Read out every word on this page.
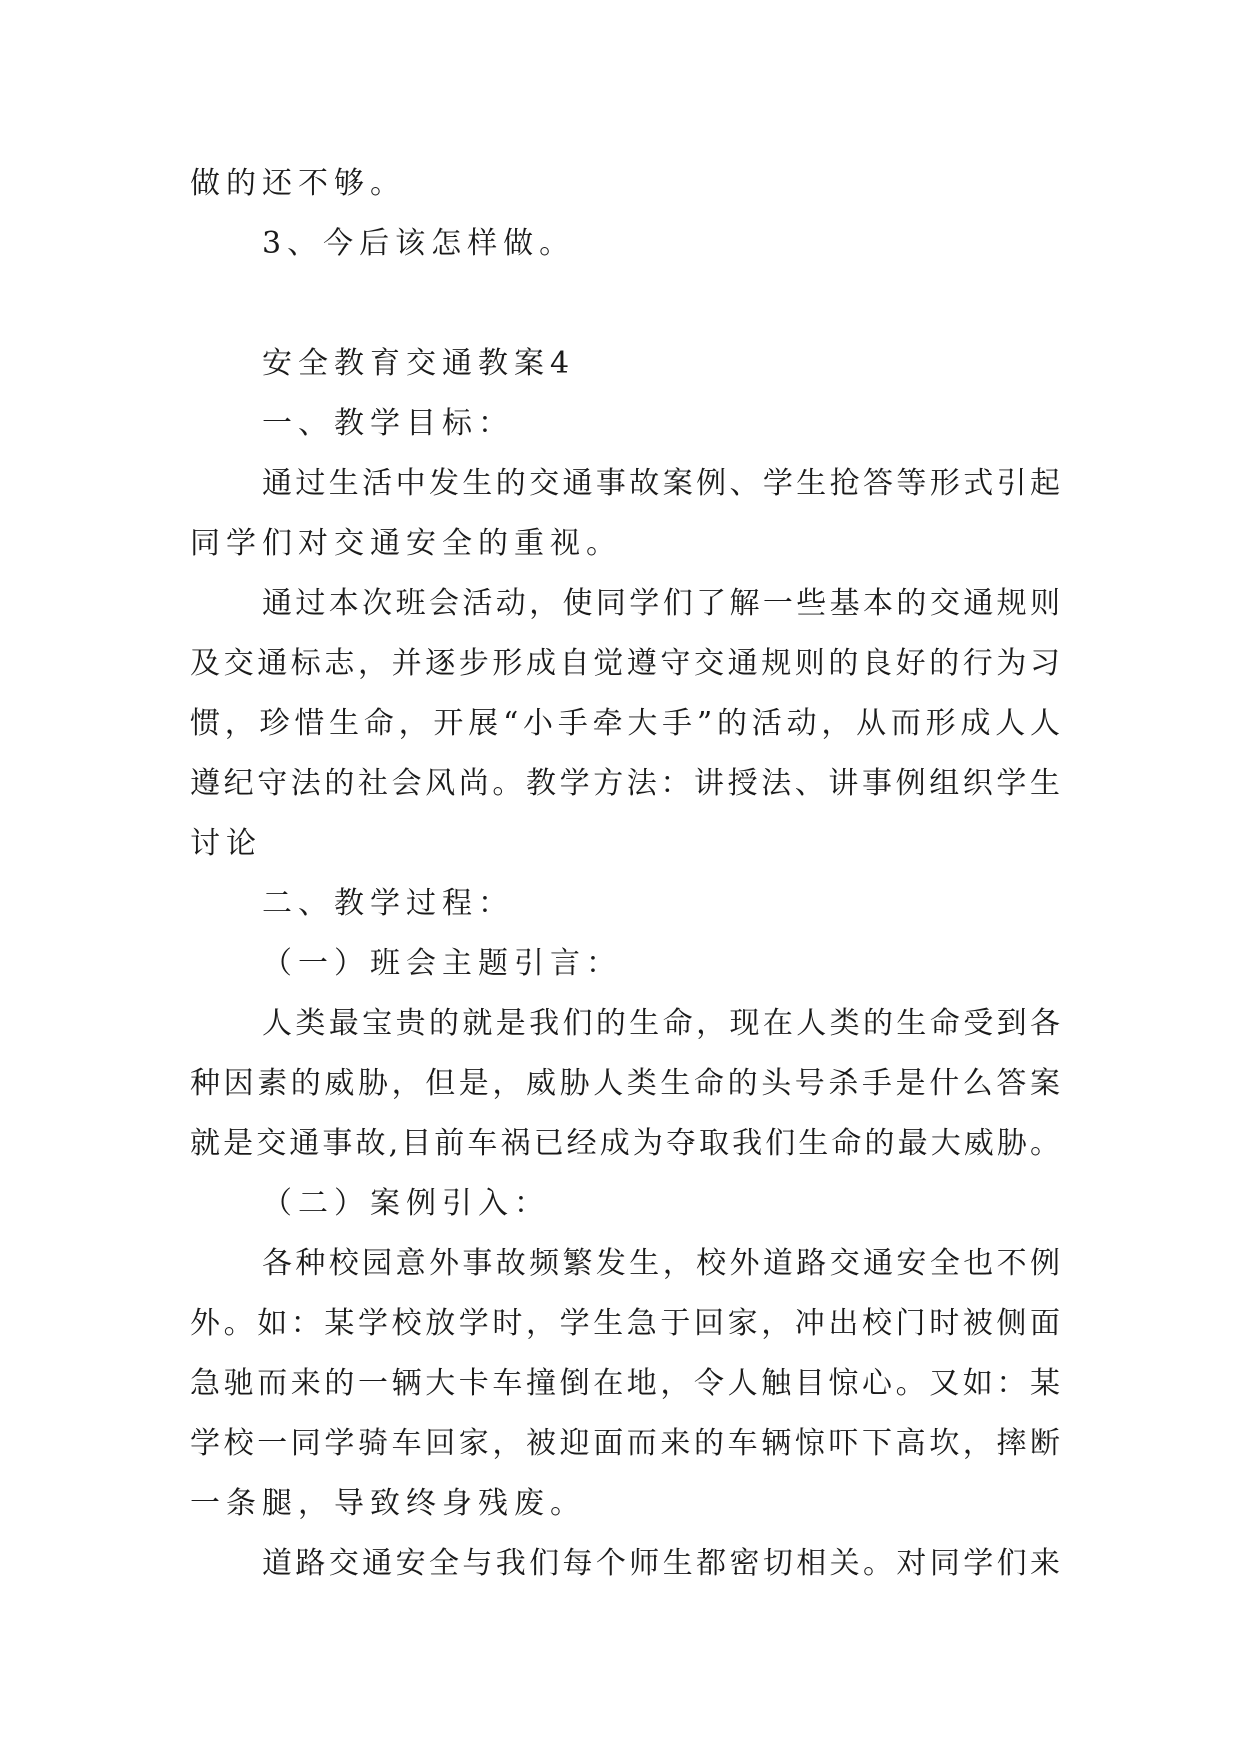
做的还不够。
3、今后该怎样做。
安全教育交通教案4
一、教学目标：
通过生活中发生的交通事故案例、学生抢答等形式引起
同学们对交通安全的重视。
通过本次班会活动，使同学们了解一些基本的交通规则
及交通标志，并逐步形成自觉遵守交通规则的良好的行为习
惯，珍惜生命，开展“小手牵大手”的活动，从而形成人人
遵纪守法的社会风尚。教学方法：讲授法、讲事例组织学生
讨论
二、教学过程：
（一）班会主题引言：
人类最宝贵的就是我们的生命，现在人类的生命受到各
种因素的威胁，但是，威胁人类生命的头号杀手是什么答案
就是交通事故,目前车祸已经成为夺取我们生命的最大威胁。
（二）案例引入：
各种校园意外事故频繁发生，校外道路交通安全也不例
外。如：某学校放学时，学生急于回家，冲出校门时被侧面
急驰而来的一辆大卡车撞倒在地，令人触目惊心。又如：某
学校一同学骑车回家，被迎面而来的车辆惊吓下高坎，摔断
一条腿，导致终身残废。
道路交通安全与我们每个师生都密切相关。对同学们来
